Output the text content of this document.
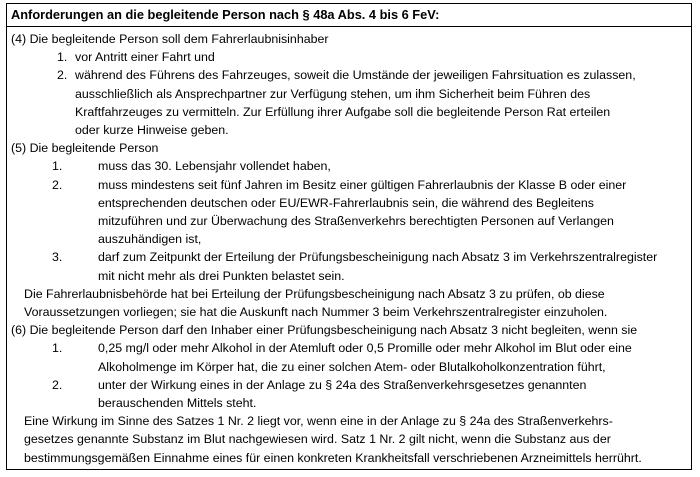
Anforderungen an die begleitende Person nach § 48a Abs. 4 bis 6 FeV:
(4) Die begleitende Person soll dem Fahrerlaubnisinhaber
1. vor Antritt einer Fahrt und
2. während des Führens des Fahrzeuges, soweit die Umstände der jeweiligen Fahrsituation es zulassen,
ausschließlich als Ansprechpartner zur Verfügung stehen, um ihm Sicherheit beim Führen des
Kraftfahrzeuges zu vermitteln. Zur Erfüllung ihrer Aufgabe soll die begleitende Person Rat erteilen
oder kurze Hinweise geben.
(5) Die begleitende Person
1.	muss das 30. Lebensjahr vollendet haben,
2.	muss mindestens seit fünf Jahren im Besitz einer gültigen Fahrerlaubnis der Klasse B oder einer
entsprechenden deutschen oder EU/EWR-Fahrerlaubnis sein, die während des Begleitens
mitzuführen und zur Überwachung des Straßenverkehrs berechtigten Personen auf Verlangen
auszuhändigen ist,
3.	darf zum Zeitpunkt der Erteilung der Prüfungsbescheinigung nach Absatz 3 im Verkehrszentralregister
mit nicht mehr als drei Punkten belastet sein.
Die Fahrerlaubnisbehörde hat bei Erteilung der Prüfungsbescheinigung nach Absatz 3 zu prüfen, ob diese
Voraussetzungen vorliegen; sie hat die Auskunft nach Nummer 3 beim Verkehrszentralregister einzuholen.
(6) Die begleitende Person darf den Inhaber einer Prüfungsbescheinigung nach Absatz 3 nicht begleiten, wenn sie
1.	0,25 mg/l oder mehr Alkohol in der Atemluft oder 0,5 Promille oder mehr Alkohol im Blut oder eine
Alkoholmenge im Körper hat, die zu einer solchen Atem- oder Blutalkoholkonzentration führt,
2.	unter der Wirkung eines in der Anlage zu § 24a des Straßenverkehrsgesetzes genannten
berauschenden Mittels steht.
Eine Wirkung im Sinne des Satzes 1 Nr. 2 liegt vor, wenn eine in der Anlage zu § 24a des Straßenverkehrs-
gesetzes genannte Substanz im Blut nachgewiesen wird. Satz 1 Nr. 2 gilt nicht, wenn die Substanz aus der
bestimmungsgemäßen Einnahme eines für einen konkreten Krankheitsfall verschriebenen Arzneimittels herrührt.
